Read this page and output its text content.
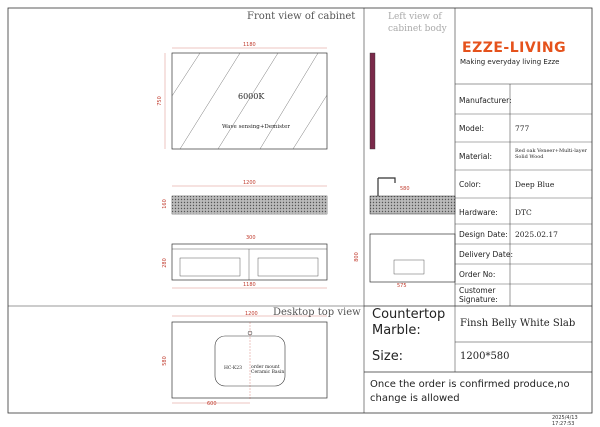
Front view of cabinet	Left view of cabinet body
Desktop top view
1180
750	6000K
Wave sensing+Demister
1200
160
300
280
1180
580
575
800
1200
580
HC-K23 order mount Ceramic Basin
600
EZZE-LIVING
Making everyday living Ezze
Manufacturer:
Model:	777
Material:
Red oak Veneer+Multi-layer Solid Wood
Color:	Deep Blue
Hardware: DTC
Design Date: 2025.02.17
Delivery Date:
Order No:
Customer Signature:
Countertop Marble:	Finsh Belly White Slab
Size:	1200*580
Once the order is confirmed produce,no change is allowed
2025/4/13 17:27:53
